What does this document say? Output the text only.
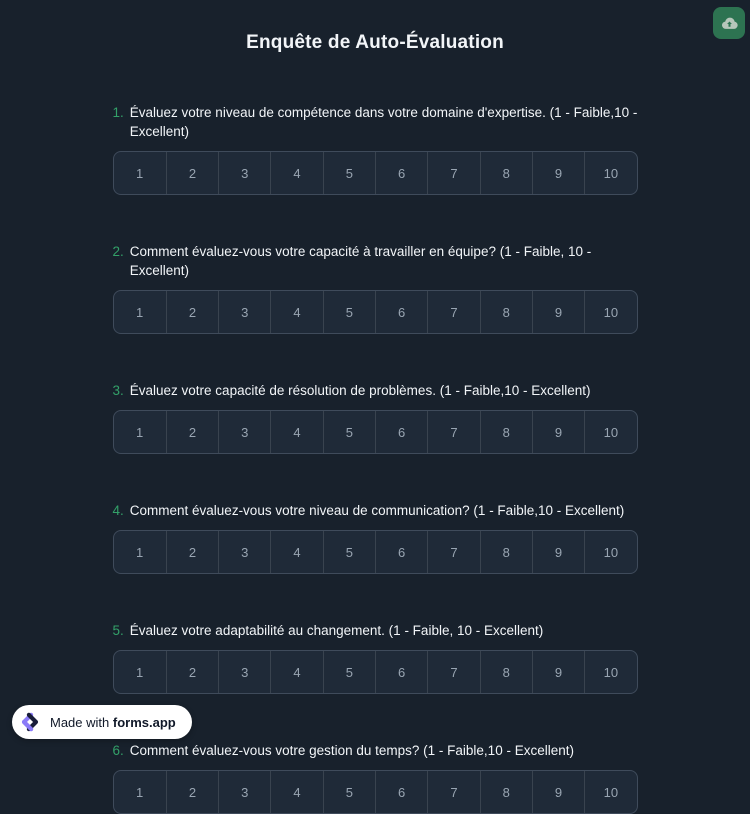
Enquête de Auto-Évaluation
1. Évaluez votre niveau de compétence dans votre domaine d'expertise. (1 - Faible,10 - Excellent)
1	2	3	4	5	6	7	8	9	10
2. Comment évaluez-vous votre capacité à travailler en équipe? (1 - Faible, 10 - Excellent)
1	2	3	4	5	6	7	8	9	10
3. Évaluez votre capacité de résolution de problèmes. (1 - Faible,10 - Excellent)
1	2	3	4	5	6	7	8	9	10
4. Comment évaluez-vous votre niveau de communication? (1 - Faible,10 - Excellent)
1	2	3	4	5	6	7	8	9	10
5. Évaluez votre adaptabilité au changement. (1 - Faible, 10 - Excellent)
1	2	3	4	5	6	7	8	9	10
6. Comment évaluez-vous votre gestion du temps? (1 - Faible,10 - Excellent)
1	2	3	4	5	6	7	8	9	10
Made with forms.app
